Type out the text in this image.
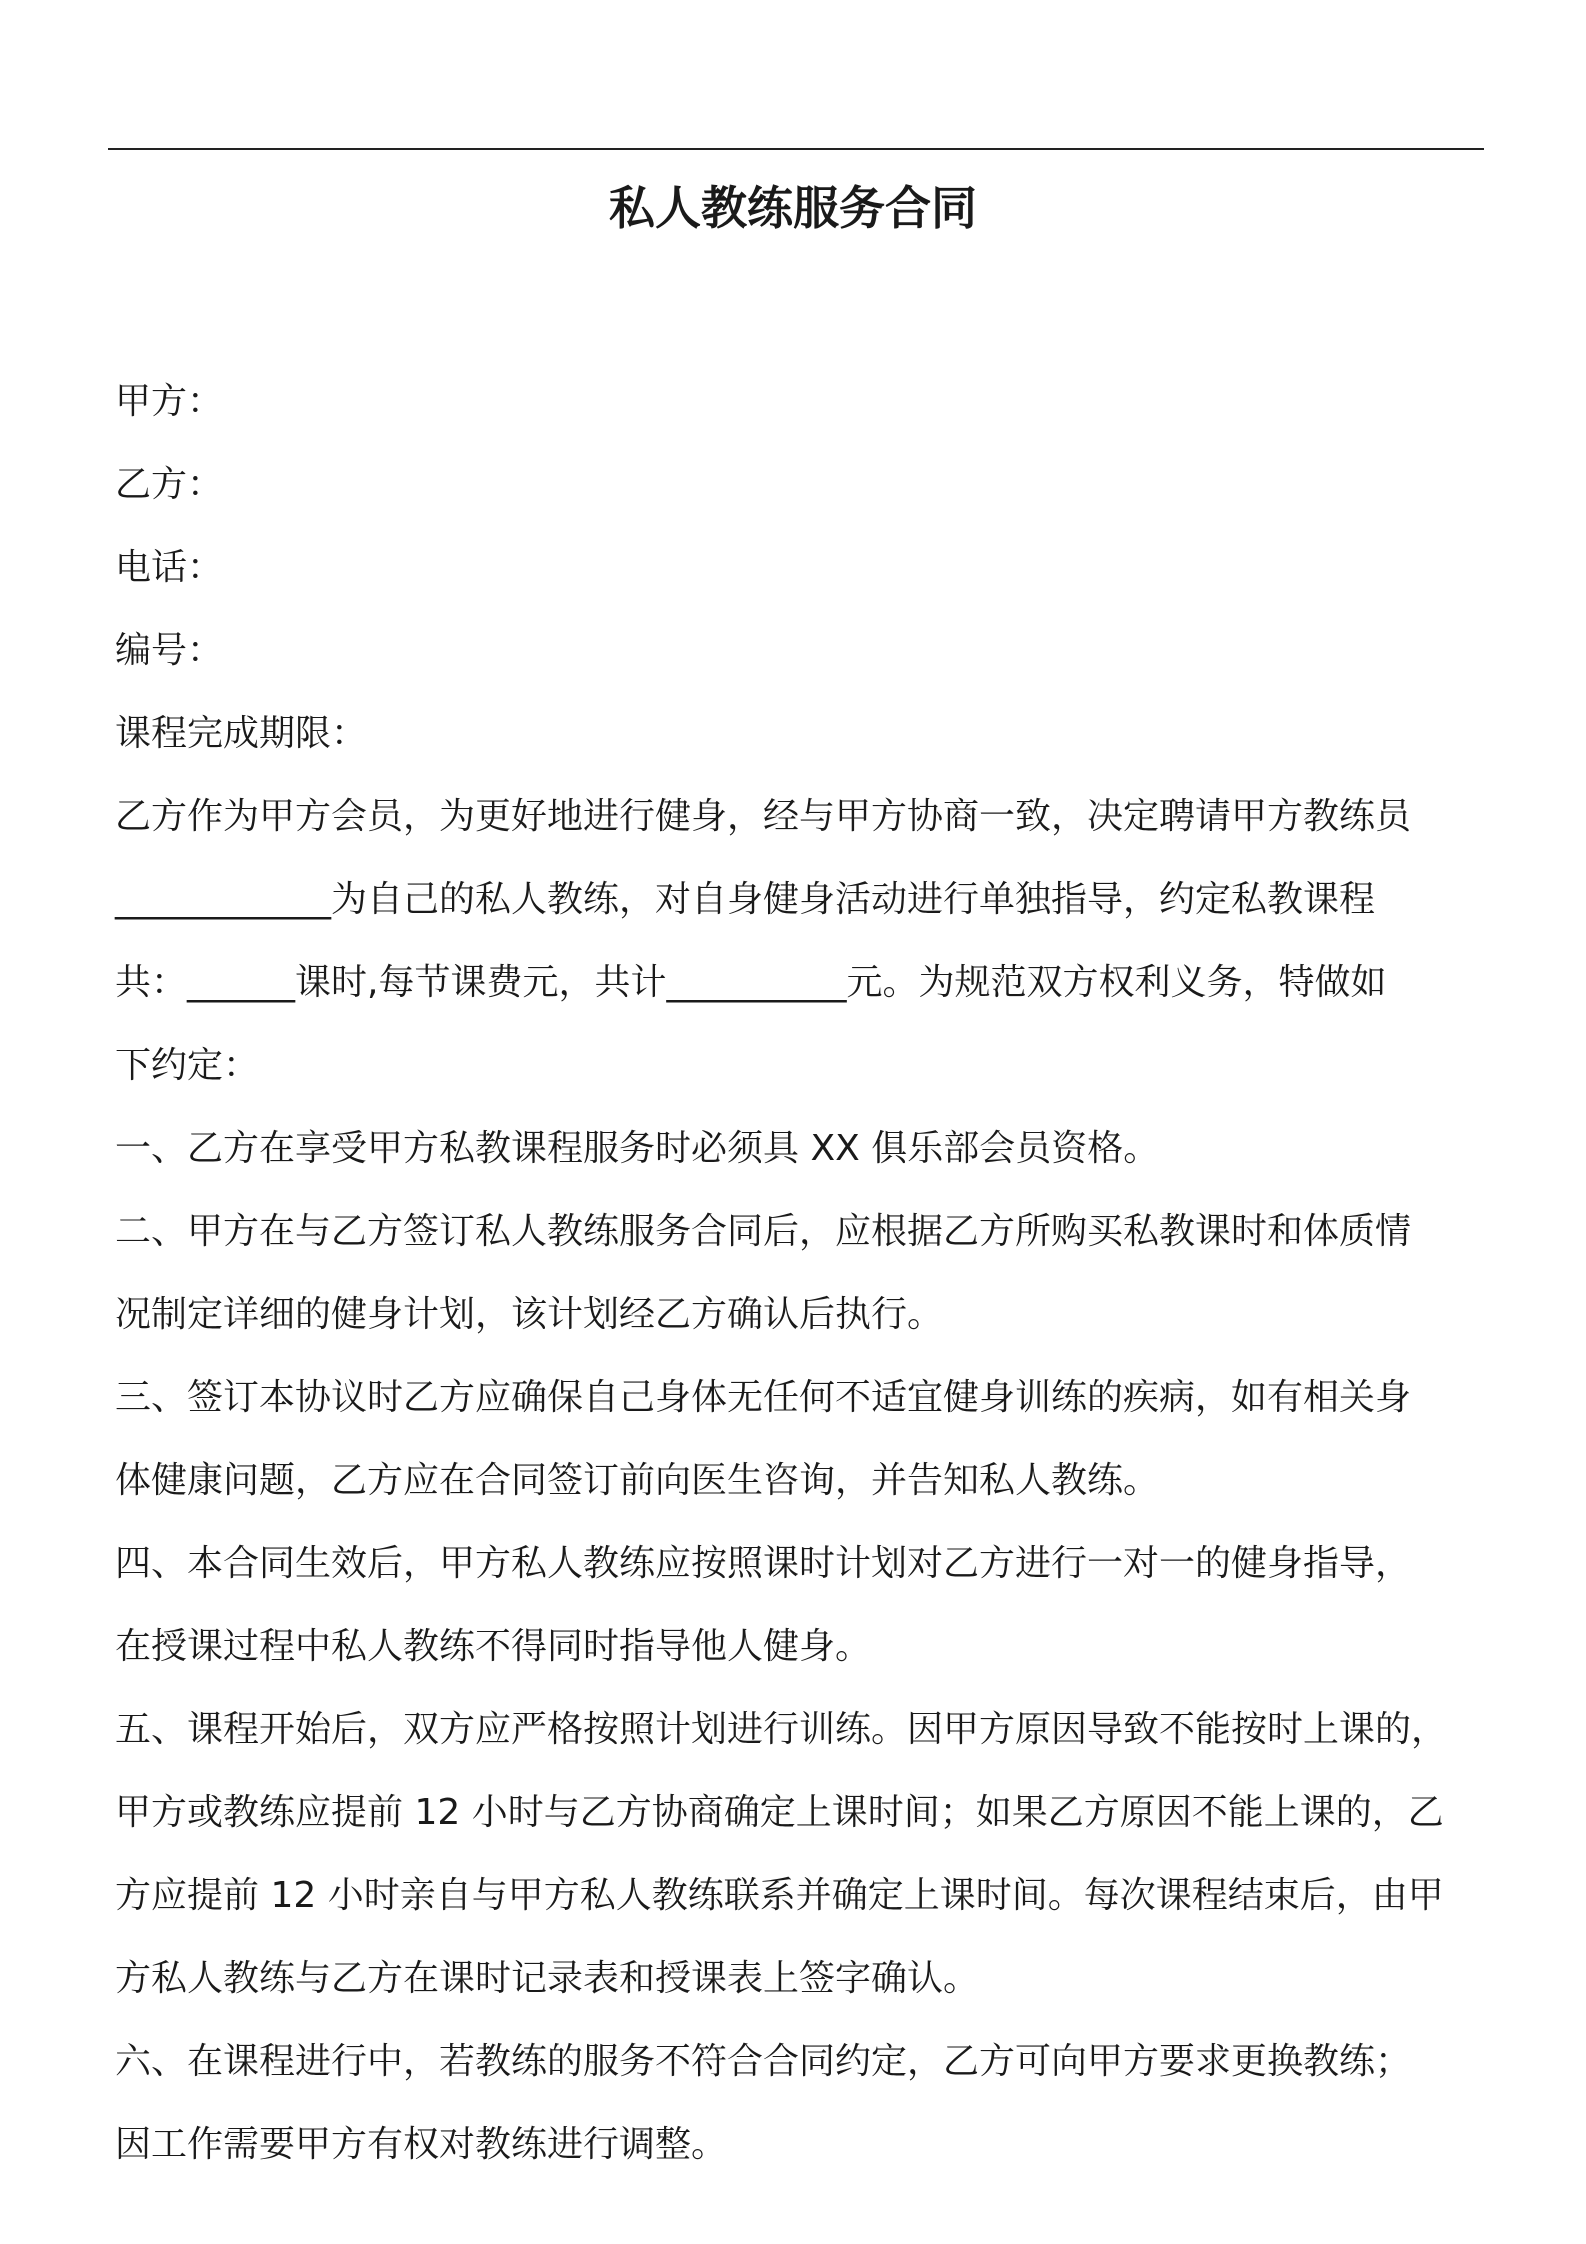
私人教练服务合同
甲方：
乙方：
电话：
编号：
课程完成期限：
乙方作为甲方会员，为更好地进行健身，经与甲方协商一致，决定聘请甲方教练员
____________为自己的私人教练，对自身健身活动进行单独指导，约定私教课程
共：______课时,每节课费元，共计__________元。为规范双方权利义务，特做如
下约定：
一、乙方在享受甲方私教课程服务时必须具 XX 俱乐部会员资格。
二、甲方在与乙方签订私人教练服务合同后，应根据乙方所购买私教课时和体质情
况制定详细的健身计划，该计划经乙方确认后执行。
三、签订本协议时乙方应确保自己身体无任何不适宜健身训练的疾病，如有相关身
体健康问题，乙方应在合同签订前向医生咨询，并告知私人教练。
四、本合同生效后，甲方私人教练应按照课时计划对乙方进行一对一的健身指导，
在授课过程中私人教练不得同时指导他人健身。
五、课程开始后，双方应严格按照计划进行训练。因甲方原因导致不能按时上课的，
甲方或教练应提前 12 小时与乙方协商确定上课时间；如果乙方原因不能上课的，乙
方应提前 12 小时亲自与甲方私人教练联系并确定上课时间。每次课程结束后，由甲
方私人教练与乙方在课时记录表和授课表上签字确认。
六、在课程进行中，若教练的服务不符合合同约定，乙方可向甲方要求更换教练；
因工作需要甲方有权对教练进行调整。
